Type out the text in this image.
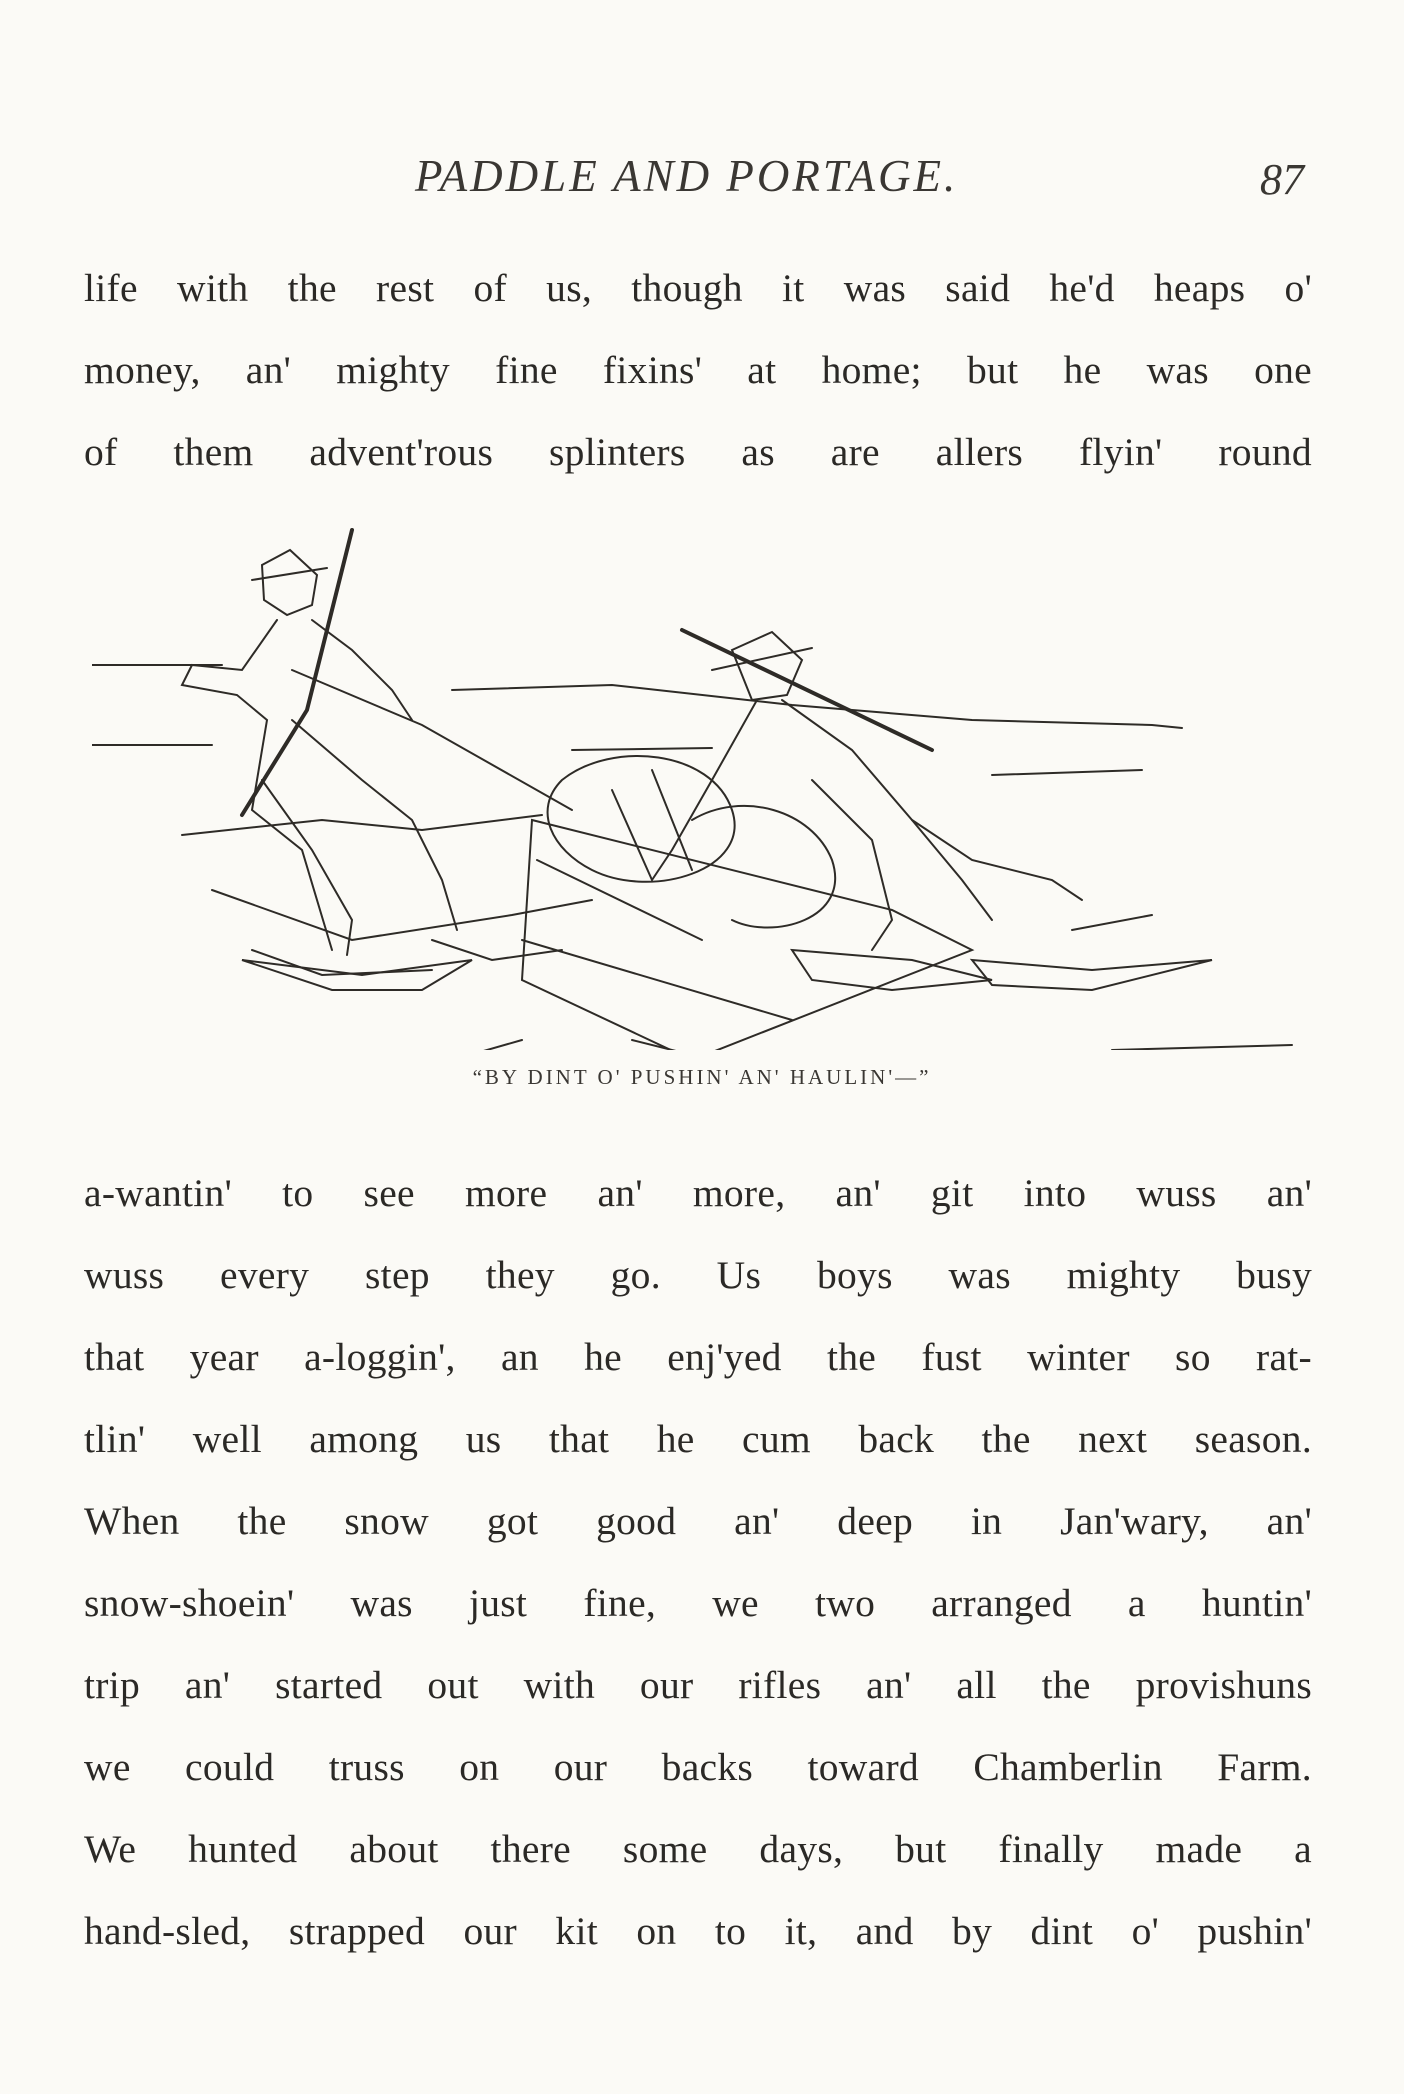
PADDLE AND PORTAGE.	87
life with the rest of us, though it was said he'd heaps o'
money, an' mighty fine fixins' at home; but he was one
of them advent'rous splinters as are allers flyin' round
“BY DINT O' PUSHIN' AN' HAULIN'—”
a-wantin' to see more an' more, an' git into wuss an'
wuss every step they go. Us boys was mighty busy
that year a-loggin', an he enj'yed the fust winter so rat-
tlin' well among us that he cum back the next season.
When the snow got good an' deep in Jan'wary, an'
snow-shoein' was just fine, we two arranged a huntin'
trip an' started out with our rifles an' all the provishuns
we could truss on our backs toward Chamberlin Farm.
We hunted about there some days, but finally made a
hand-sled, strapped our kit on to it, and by dint o' pushin'
